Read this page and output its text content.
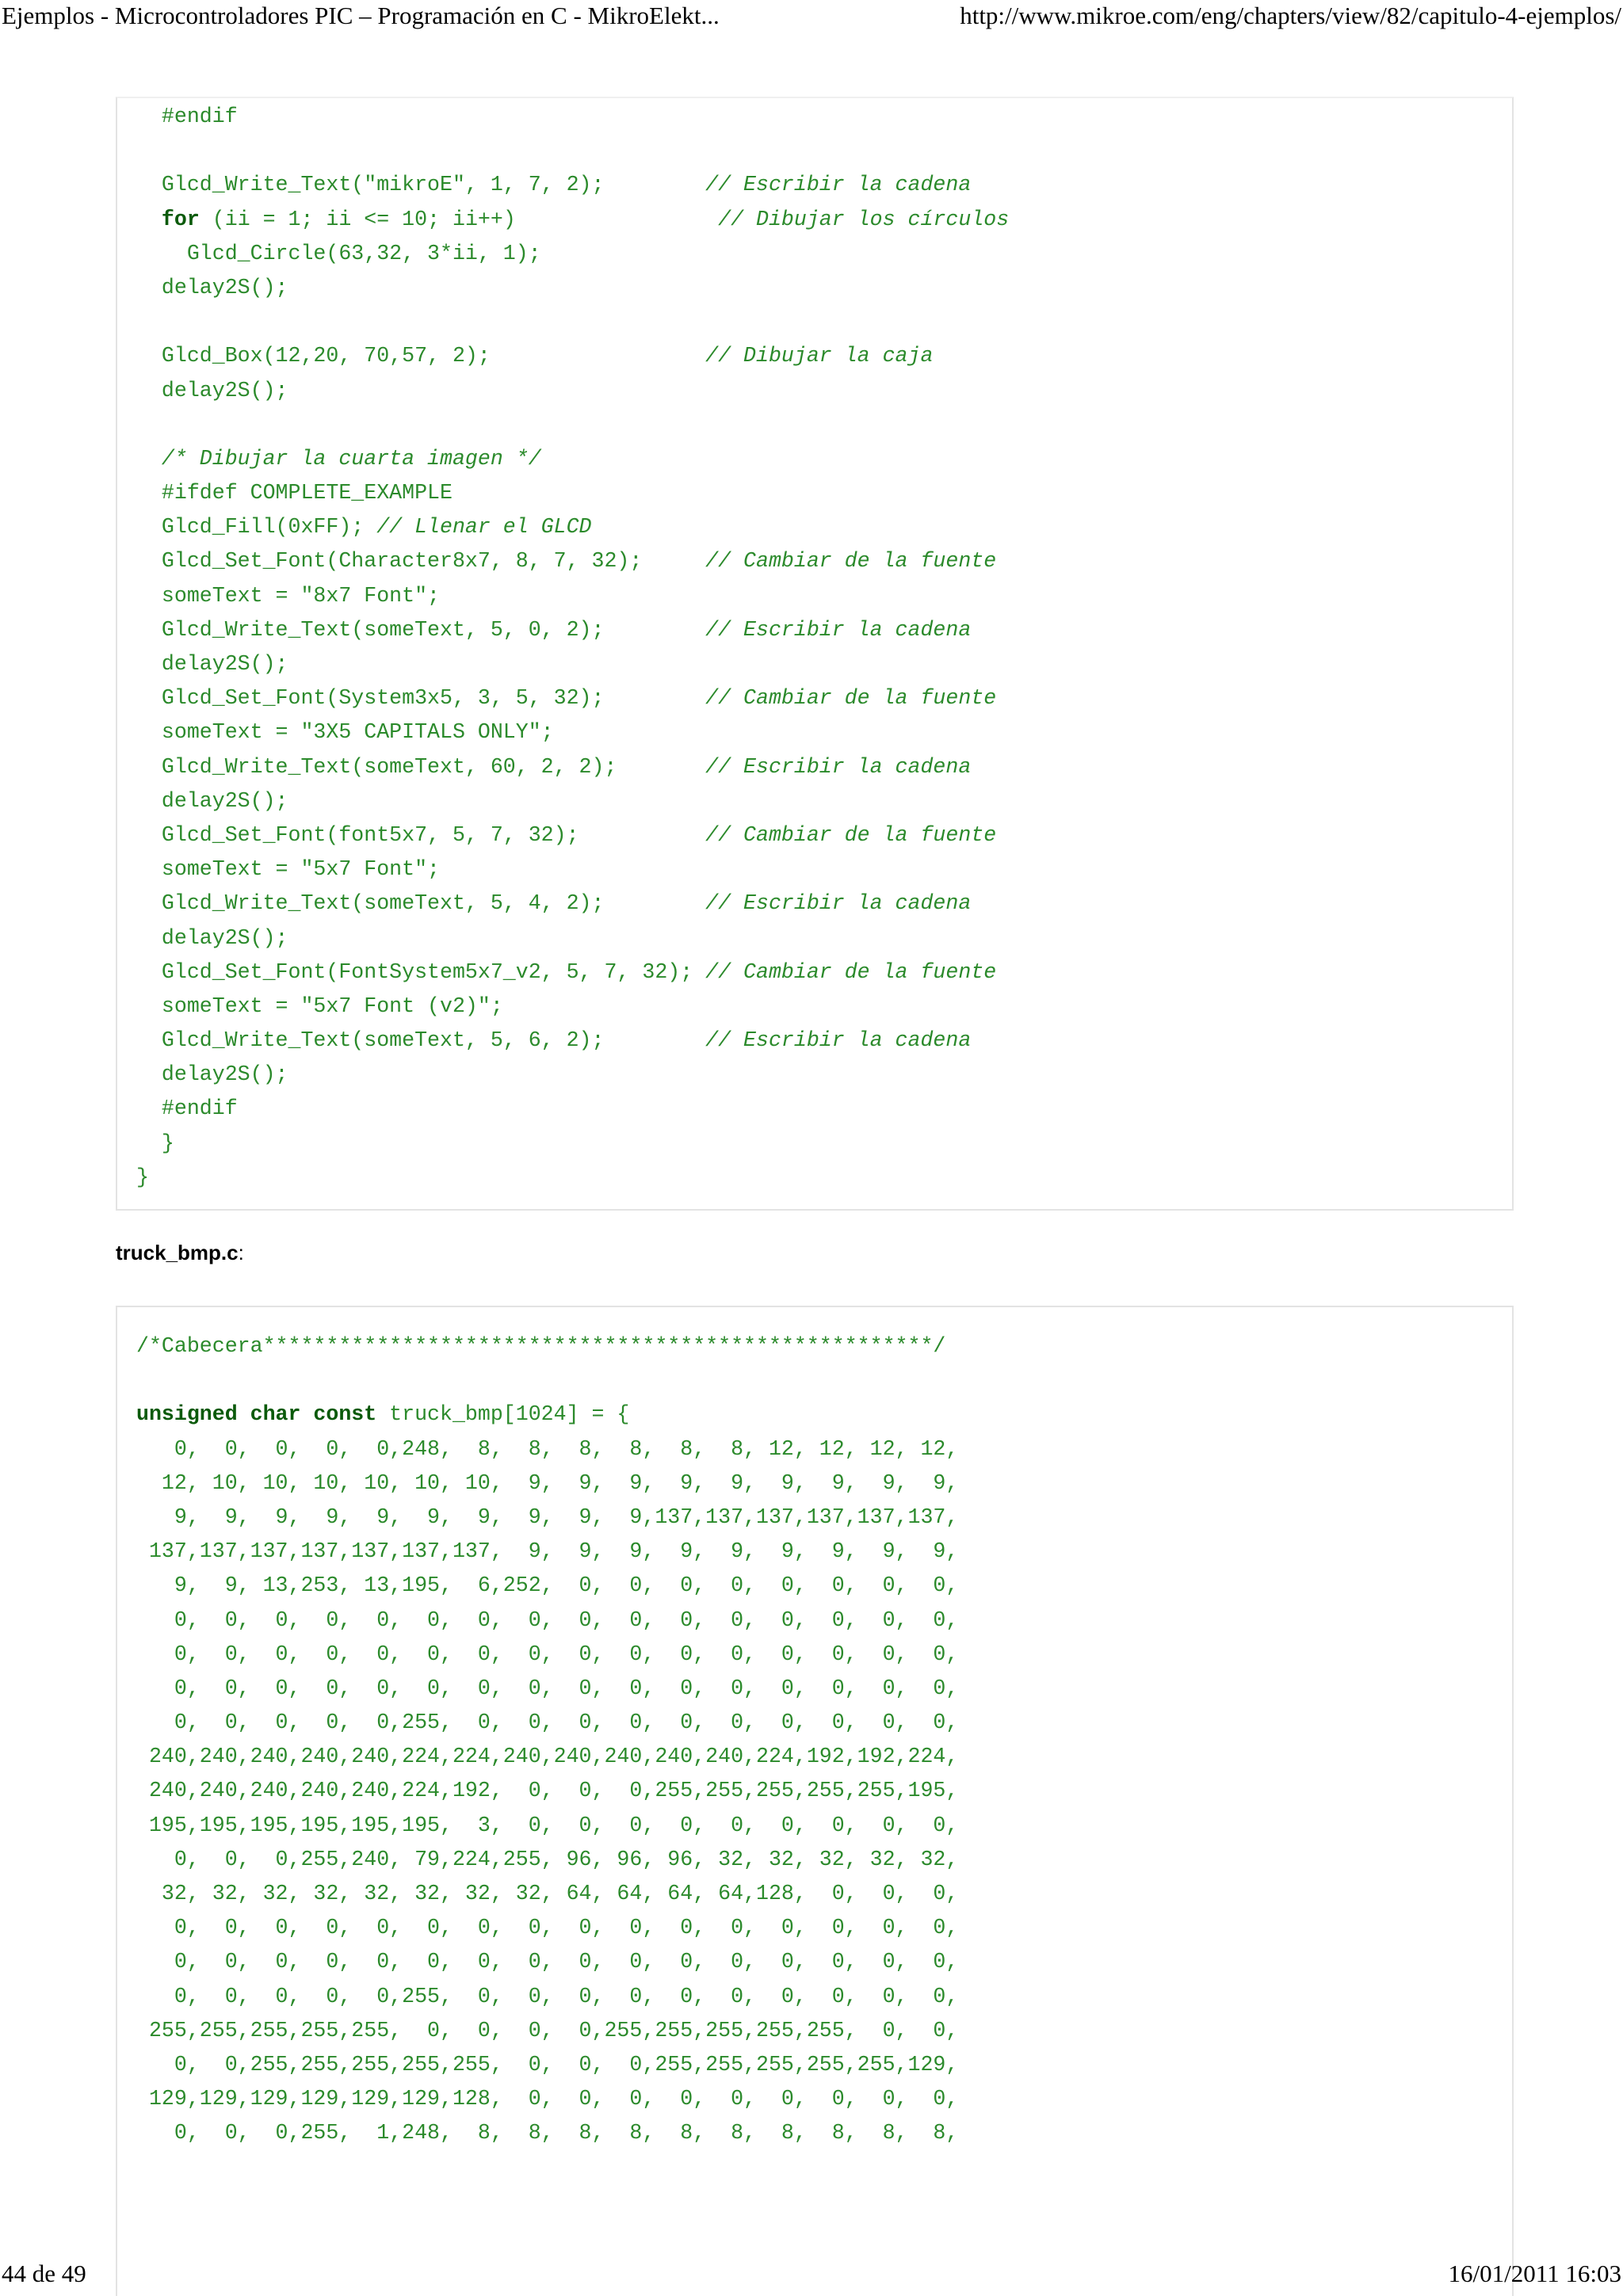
Ejemplos - Microcontroladores PIC – Programación en C - MikroElekt...	http://www.mikroe.com/eng/chapters/view/82/capitulo-4-ejemplos/
#endif
Glcd_Write_Text("mikroE", 1, 7, 2);        // Escribir la cadena
for (ii = 1; ii <= 10; ii++)                // Dibujar los círculos
Glcd_Circle(63,32, 3*ii, 1);
delay2S();
Glcd_Box(12,20, 70,57, 2);                 // Dibujar la caja
delay2S();
/* Dibujar la cuarta imagen */
#ifdef COMPLETE_EXAMPLE
Glcd_Fill(0xFF); // Llenar el GLCD
Glcd_Set_Font(Character8x7, 8, 7, 32);     // Cambiar de la fuente
someText = "8x7 Font";
Glcd_Write_Text(someText, 5, 0, 2);        // Escribir la cadena
delay2S();
Glcd_Set_Font(System3x5, 3, 5, 32);        // Cambiar de la fuente
someText = "3X5 CAPITALS ONLY";
Glcd_Write_Text(someText, 60, 2, 2);       // Escribir la cadena
delay2S();
Glcd_Set_Font(font5x7, 5, 7, 32);          // Cambiar de la fuente
someText = "5x7 Font";
Glcd_Write_Text(someText, 5, 4, 2);        // Escribir la cadena
delay2S();
Glcd_Set_Font(FontSystem5x7_v2, 5, 7, 32); // Cambiar de la fuente
someText = "5x7 Font (v2)";
Glcd_Write_Text(someText, 5, 6, 2);        // Escribir la cadena
delay2S();
#endif
}
}
truck_bmp.c:
/*Cabecera*****************************************************/
unsigned char const truck_bmp[1024] = {
0,  0,  0,  0,  0,248,  8,  8,  8,  8,  8,  8, 12, 12, 12, 12,
12, 10, 10, 10, 10, 10, 10,  9,  9,  9,  9,  9,  9,  9,  9,  9,
9,  9,  9,  9,  9,  9,  9,  9,  9,  9,137,137,137,137,137,137,
137,137,137,137,137,137,137,  9,  9,  9,  9,  9,  9,  9,  9,  9,
9,  9, 13,253, 13,195,  6,252,  0,  0,  0,  0,  0,  0,  0,  0,
0,  0,  0,  0,  0,  0,  0,  0,  0,  0,  0,  0,  0,  0,  0,  0,
0,  0,  0,  0,  0,  0,  0,  0,  0,  0,  0,  0,  0,  0,  0,  0,
0,  0,  0,  0,  0,  0,  0,  0,  0,  0,  0,  0,  0,  0,  0,  0,
0,  0,  0,  0,  0,255,  0,  0,  0,  0,  0,  0,  0,  0,  0,  0,
240,240,240,240,240,224,224,240,240,240,240,240,224,192,192,224,
240,240,240,240,240,224,192,  0,  0,  0,255,255,255,255,255,195,
195,195,195,195,195,195,  3,  0,  0,  0,  0,  0,  0,  0,  0,  0,
0,  0,  0,255,240, 79,224,255, 96, 96, 96, 32, 32, 32, 32, 32,
32, 32, 32, 32, 32, 32, 32, 32, 64, 64, 64, 64,128,  0,  0,  0,
0,  0,  0,  0,  0,  0,  0,  0,  0,  0,  0,  0,  0,  0,  0,  0,
0,  0,  0,  0,  0,  0,  0,  0,  0,  0,  0,  0,  0,  0,  0,  0,
0,  0,  0,  0,  0,255,  0,  0,  0,  0,  0,  0,  0,  0,  0,  0,
255,255,255,255,255,  0,  0,  0,  0,255,255,255,255,255,  0,  0,
0,  0,255,255,255,255,255,  0,  0,  0,255,255,255,255,255,129,
129,129,129,129,129,129,128,  0,  0,  0,  0,  0,  0,  0,  0,  0,
0,  0,  0,255,  1,248,  8,  8,  8,  8,  8,  8,  8,  8,  8,  8,
44 de 49	16/01/2011 16:03
